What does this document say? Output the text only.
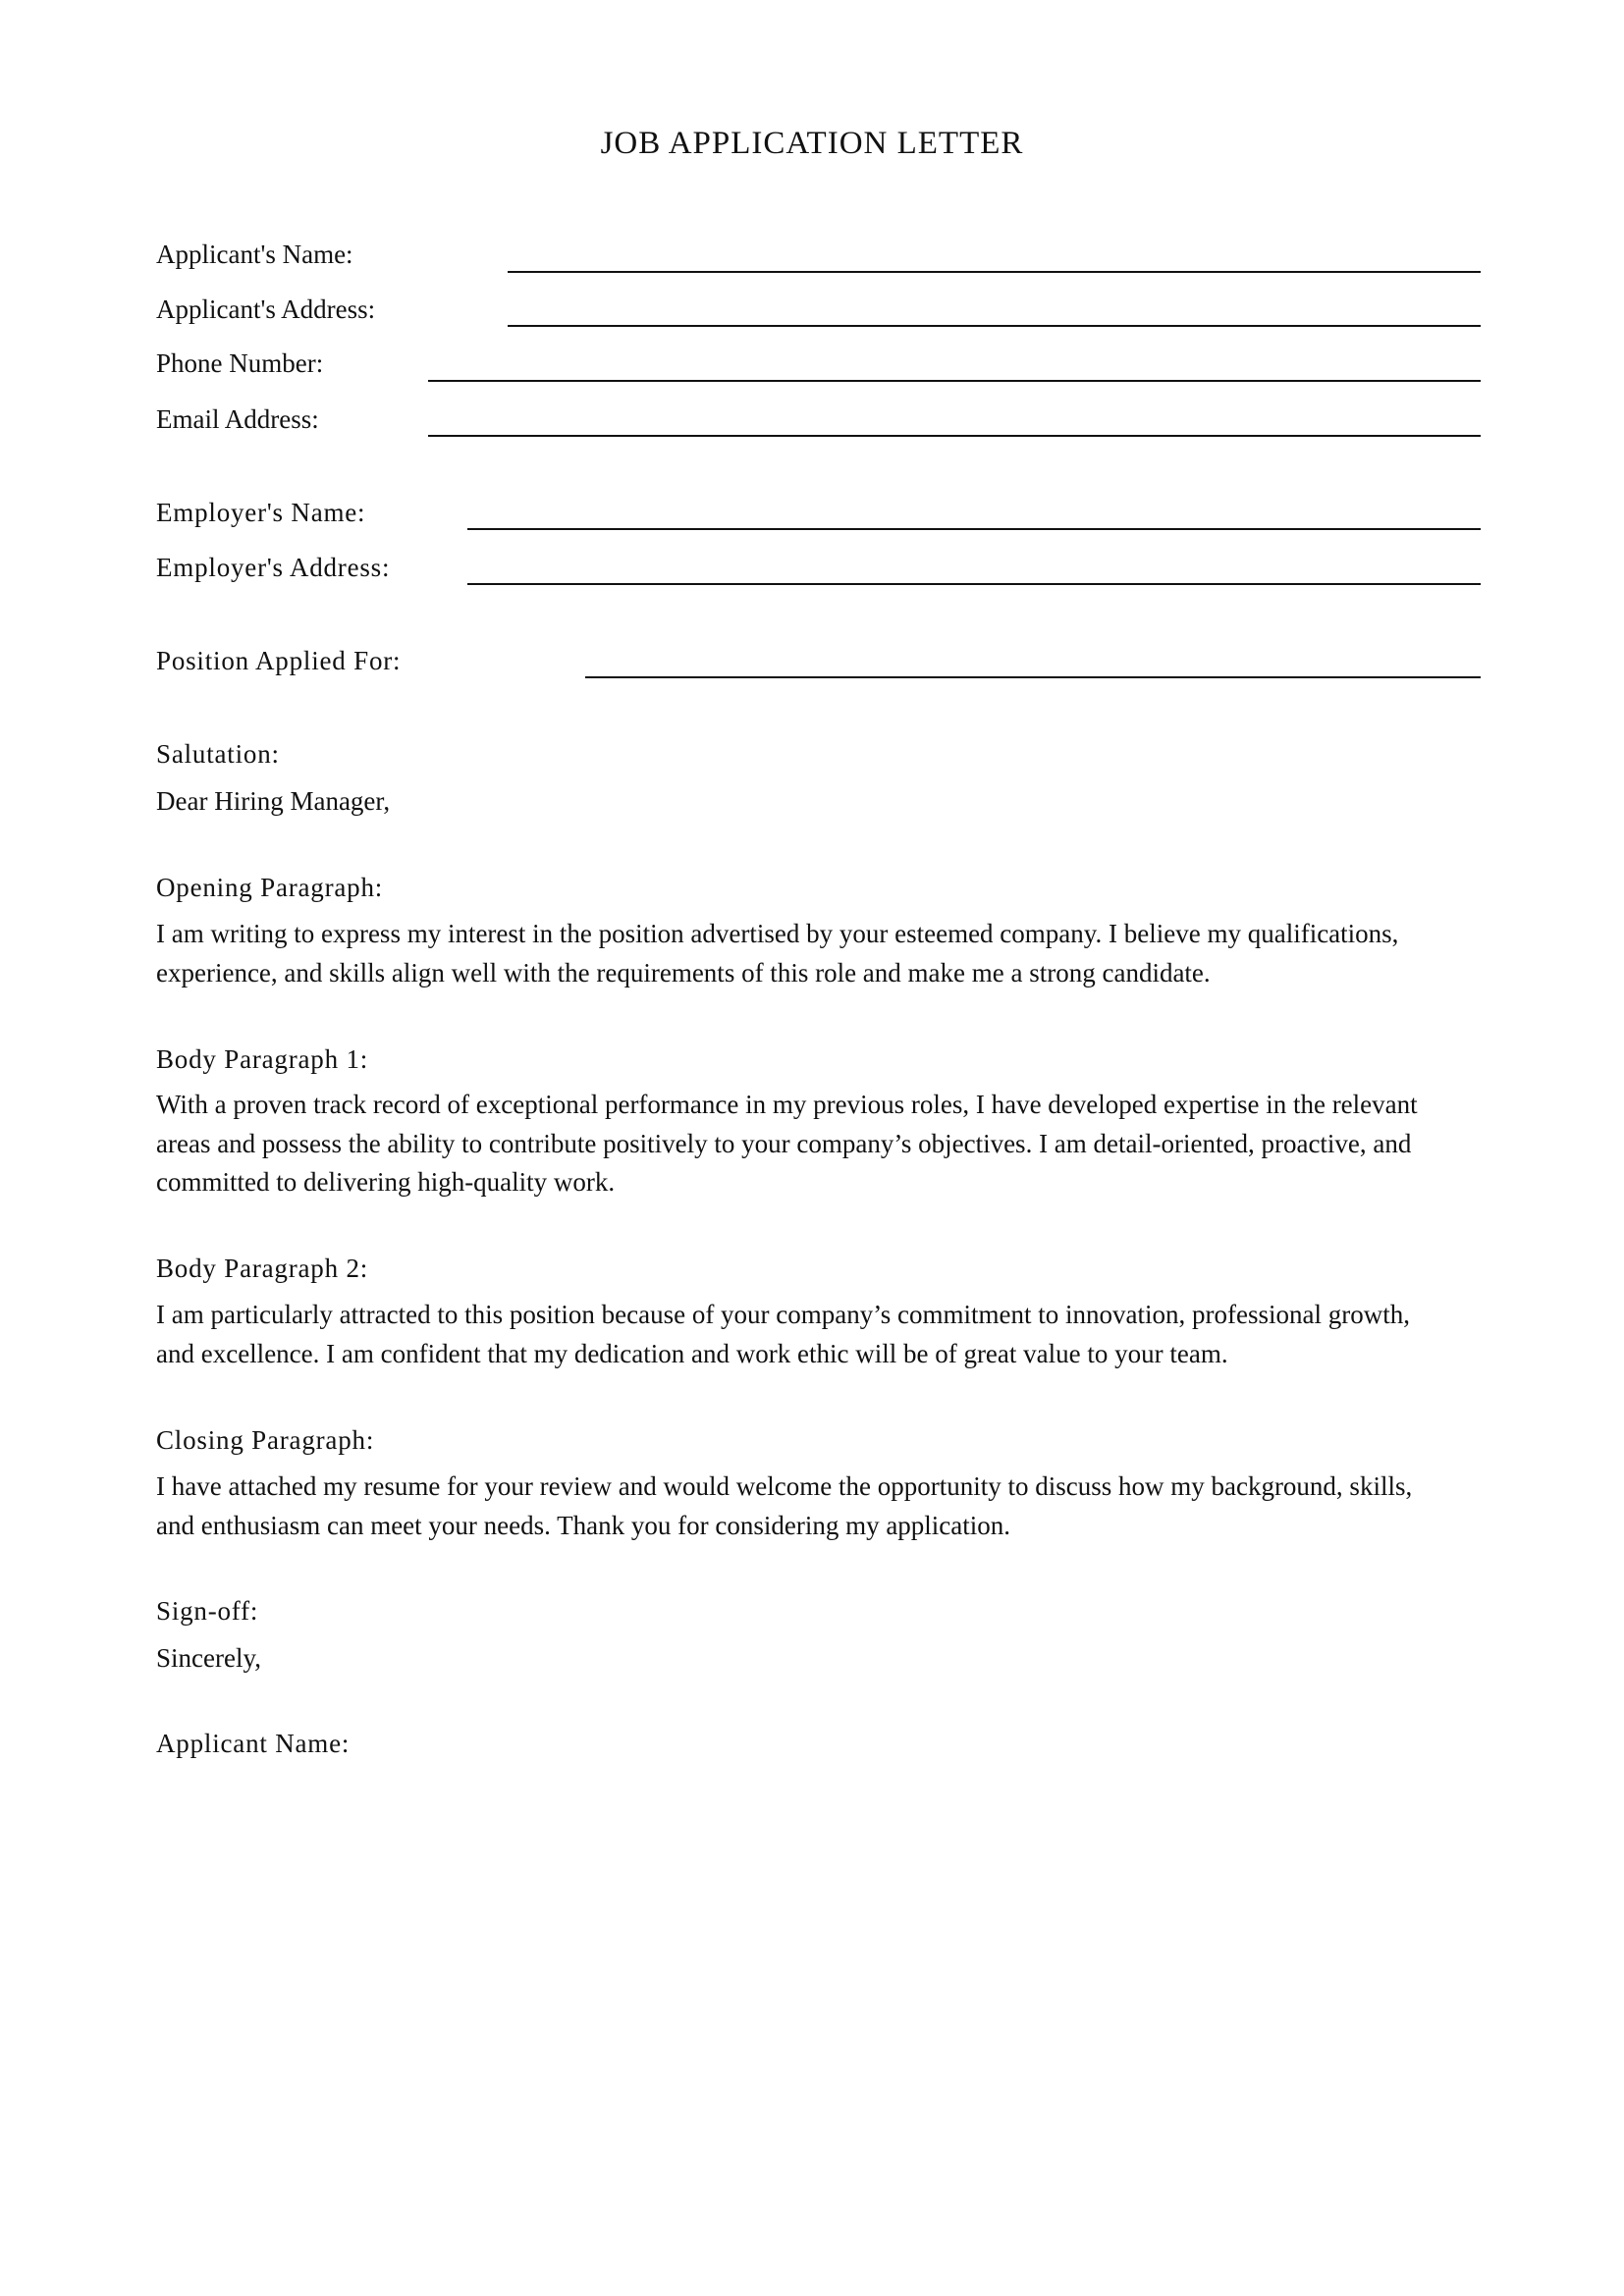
JOB APPLICATION LETTER
Applicant's Name:
Applicant's Address:
Phone Number:
Email Address:
Employer's Name:
Employer's Address:
Position Applied For:
Salutation:
Dear Hiring Manager,
Opening Paragraph:
I am writing to express my interest in the position advertised by your esteemed company. I believe my qualifications,
experience, and skills align well with the requirements of this role and make me a strong candidate.
Body Paragraph 1:
With a proven track record of exceptional performance in my previous roles, I have developed expertise in the relevant
areas and possess the ability to contribute positively to your company’s objectives. I am detail-oriented, proactive, and
committed to delivering high-quality work.
Body Paragraph 2:
I am particularly attracted to this position because of your company’s commitment to innovation, professional growth,
and excellence. I am confident that my dedication and work ethic will be of great value to your team.
Closing Paragraph:
I have attached my resume for your review and would welcome the opportunity to discuss how my background, skills,
and enthusiasm can meet your needs. Thank you for considering my application.
Sign-off:
Sincerely,
Applicant Name:
